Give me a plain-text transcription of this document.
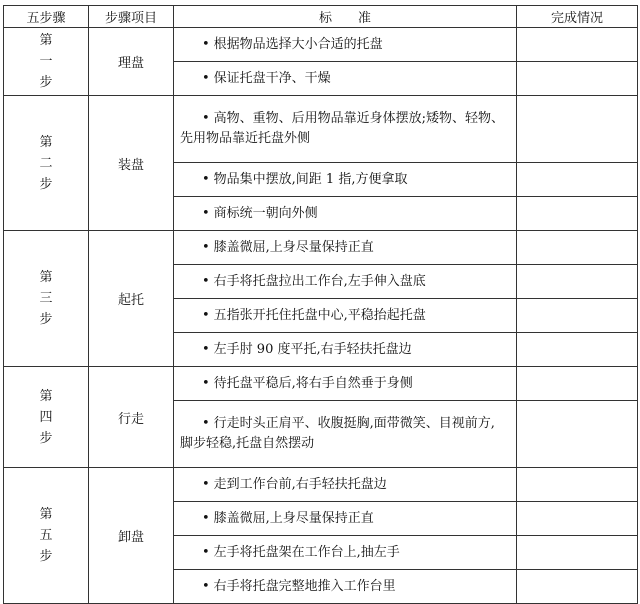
五步骤	步骤项目	标　　准	完成情况

第
一
步	理盘	• 根据物品选择大小合适的托盘	
		• 保证托盘干净、干燥	

第
二
步	装盘	• 高物、重物、后用物品靠近身体摆放;矮物、轻物、
先用物品靠近托盘外侧	

		• 物品集中摆放,间距 1 指,方便拿取	
		• 商标统一朝向外侧	

第
三
步	起托	• 膝盖微屈,上身尽量保持正直	
		• 右手将托盘拉出工作台,左手伸入盘底	
		• 五指张开托住托盘中心,平稳抬起托盘	
		• 左手肘 90 度平托,右手轻扶托盘边	

第
四
步	行走	• 待托盘平稳后,将右手自然垂于身侧	
		• 行走时头正肩平、收腹挺胸,面带微笑、目视前方,
脚步轻稳,托盘自然摆动	

第
五
步	卸盘	• 走到工作台前,右手轻扶托盘边	
		• 膝盖微屈,上身尽量保持正直	
		• 左手将托盘架在工作台上,抽左手	
		• 右手将托盘完整地推入工作台里	
